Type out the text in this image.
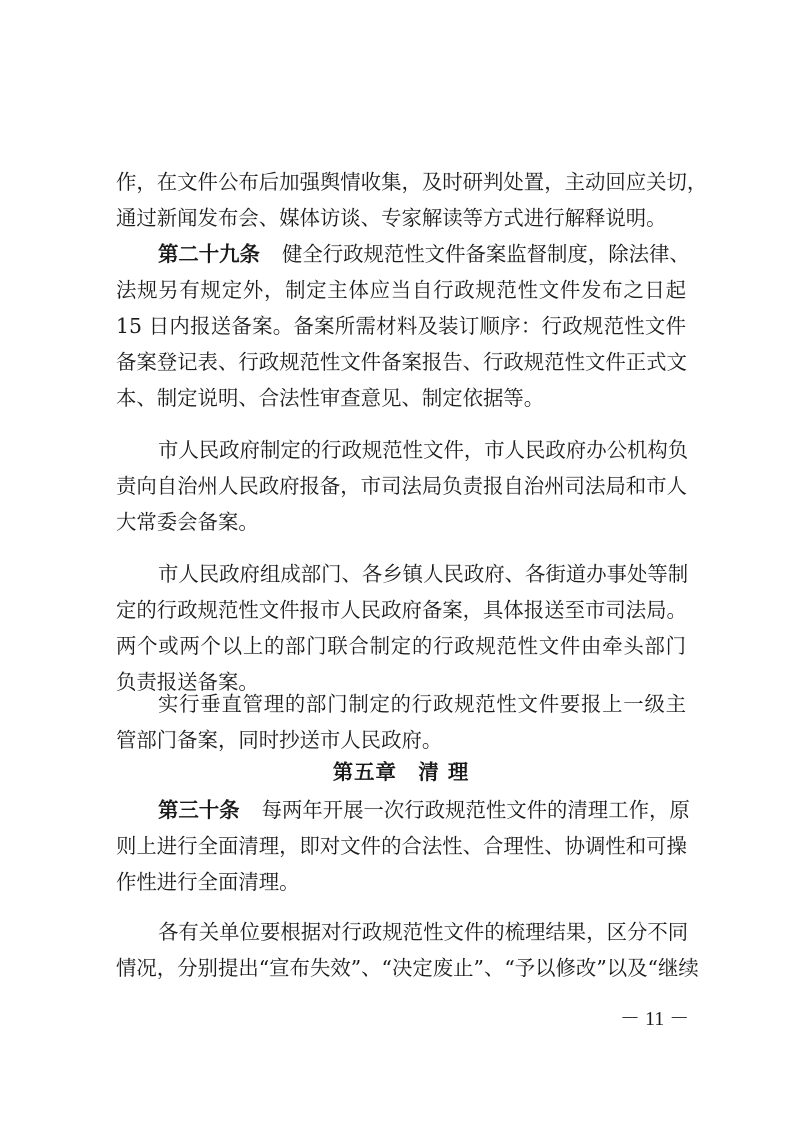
作，在文件公布后加强舆情收集，及时研判处置，主动回应关切，
通过新闻发布会、媒体访谈、专家解读等方式进行解释说明。
第二十九条 健全行政规范性文件备案监督制度，除法律、
法规另有规定外，制定主体应当自行政规范性文件发布之日起
15 日内报送备案。备案所需材料及装订顺序：行政规范性文件
备案登记表、行政规范性文件备案报告、行政规范性文件正式文
本、制定说明、合法性审查意见、制定依据等。
市人民政府制定的行政规范性文件，市人民政府办公机构负
责向自治州人民政府报备，市司法局负责报自治州司法局和市人
大常委会备案。
市人民政府组成部门、各乡镇人民政府、各街道办事处等制
定的行政规范性文件报市人民政府备案，具体报送至市司法局。
两个或两个以上的部门联合制定的行政规范性文件由牵头部门
负责报送备案。
实行垂直管理的部门制定的行政规范性文件要报上一级主
管部门备案，同时抄送市人民政府。
第五章　清 理
第三十条 每两年开展一次行政规范性文件的清理工作，原
则上进行全面清理，即对文件的合法性、合理性、协调性和可操
作性进行全面清理。
各有关单位要根据对行政规范性文件的梳理结果，区分不同
情况，分别提出“宣布失效”、“决定废止”、“予以修改”以及“继续
－ 11 －
